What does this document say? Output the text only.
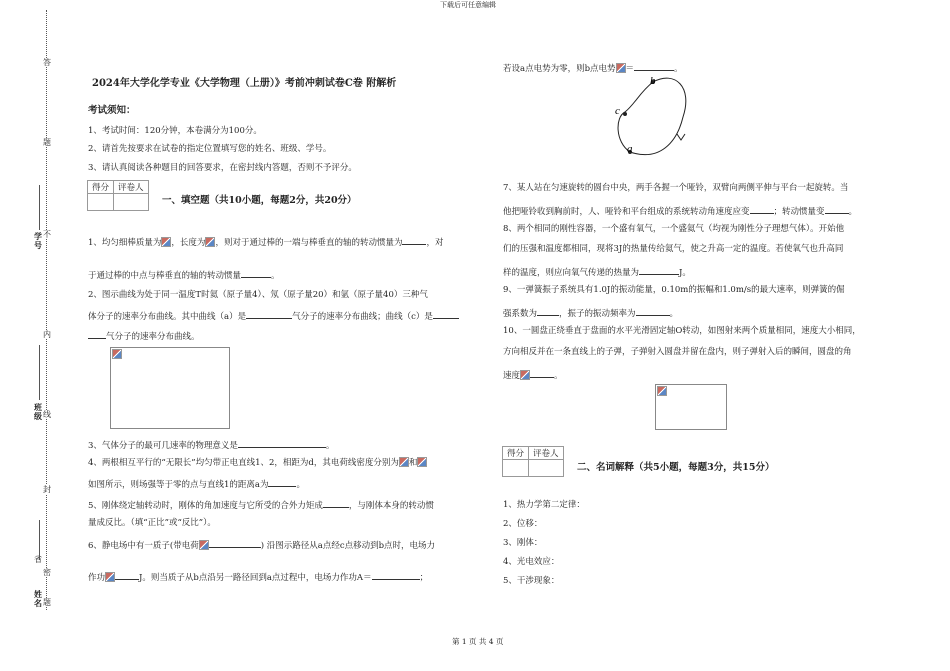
下载后可任意编辑
第 1 页 共 4 页
答
题
不
内
线
封
密
题
学号
班级
姓名
省
2024年大学化学专业《大学物理（上册）》考前冲刺试卷C卷 附解析
考试须知：
1、考试时间：120分钟，本卷满分为100分。
2、请首先按要求在试卷的指定位置填写您的姓名、班级、学号。
3、请认真阅读各种题目的回答要求，在密封线内答题，否则不予评分。
得分	评卷人

一、填空题（共10小题，每题2分，共20分）
1、均匀细棒质量为 ，长度为 ，则对于通过棒的一端与棒垂直的轴的转动惯量为	，对
于通过棒的中点与棒垂直的轴的转动惯量	。
2、图示曲线为处于同一温度T时氦（原子量4）、氖（原子量20）和氩（原子量40）三种气
体分子的速率分布曲线。其中曲线（a）是	气分子的速率分布曲线；曲线（c）是
气分子的速率分布曲线。
3、气体分子的最可几速率的物理意义是	。
4、两根相互平行的“无限长”均匀带正电直线1、2，相距为d，其电荷线密度分别为 和
如图所示，则场强等于零的点与直线1的距离a为	。
5、刚体绕定轴转动时，刚体的角加速度与它所受的合外力矩成	，与刚体本身的转动惯
量成反比。（填“正比”或“反比”）。
6、静电场中有一质子(带电荷	) 沿图示路径从a点经c点移动到b点时，电场力
作功	J。则当质子从b点沿另一路径回到a点过程中，电场力作功A＝	；
若设a点电势为零，则b点电势 ＝	。
b
c
a
7、某人站在匀速旋转的圆台中央，两手各握一个哑铃，双臂向两侧平伸与平台一起旋转。当
他把哑铃收到胸前时，人、哑铃和平台组成的系统转动角速度应变	；转动惯量变	。
8、两个相同的刚性容器，一个盛有氧气，一个盛氦气（均视为刚性分子理想气体）。开始他
们的压强和温度都相同，现将3J的热量传给氦气，使之升高一定的温度。若使氧气也升高同
样的温度，则应向氧气传递的热量为	J。
9、一弹簧振子系统具有1.0J的振动能量，0.10m的振幅和1.0m/s的最大速率，则弹簧的倔
强系数为	，振子的振动频率为	。
10、一圆盘正绕垂直于盘面的水平光滑固定轴O转动，如图射来两个质量相同，速度大小相同，
方向相反并在一条直线上的子弹，子弹射入圆盘并留在盘内，则子弹射入后的瞬间，圆盘的角
速度	。
得分	评卷人

二、名词解释（共5小题，每题3分，共15分）
1、热力学第二定律：
2、位移：
3、刚体：
4、光电效应：
5、干涉现象：
